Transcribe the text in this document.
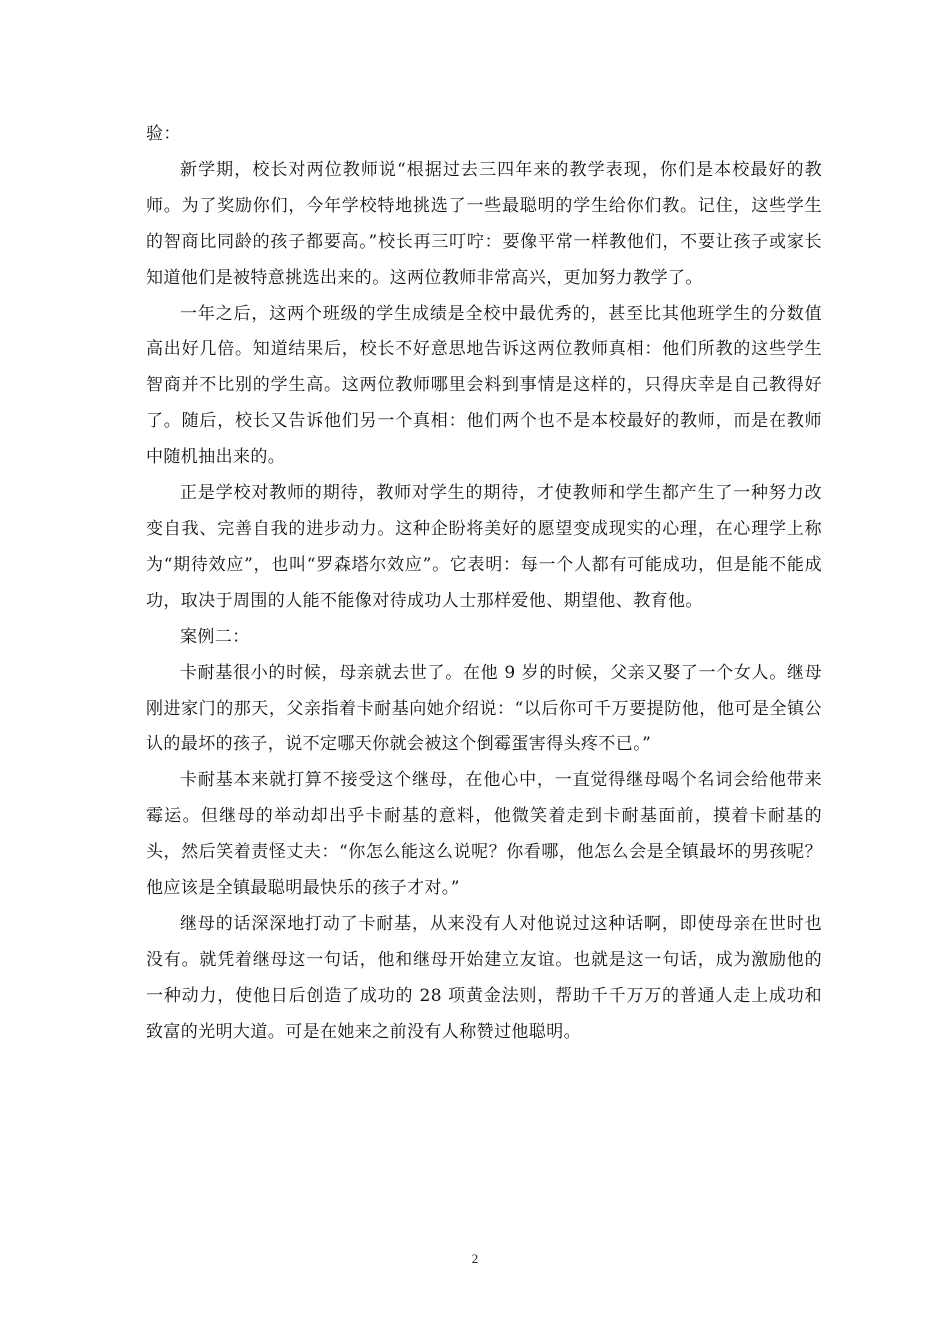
验：

新学期，校长对两位教师说“根据过去三四年来的教学表现，你们是本校最好的教师。为了奖励你们，今年学校特地挑选了一些最聪明的学生给你们教。记住，这些学生的智商比同龄的孩子都要高。”校长再三叮咛：要像平常一样教他们，不要让孩子或家长知道他们是被特意挑选出来的。这两位教师非常高兴，更加努力教学了。

一年之后，这两个班级的学生成绩是全校中最优秀的，甚至比其他班学生的分数值高出好几倍。知道结果后，校长不好意思地告诉这两位教师真相：他们所教的这些学生智商并不比别的学生高。这两位教师哪里会料到事情是这样的，只得庆幸是自己教得好了。随后，校长又告诉他们另一个真相：他们两个也不是本校最好的教师，而是在教师中随机抽出来的。

正是学校对教师的期待，教师对学生的期待，才使教师和学生都产生了一种努力改变自我、完善自我的进步动力。这种企盼将美好的愿望变成现实的心理，在心理学上称为“期待效应”，也叫“罗森塔尔效应”。它表明：每一个人都有可能成功，但是能不能成功，取决于周围的人能不能像对待成功人士那样爱他、期望他、教育他。

案例二：

卡耐基很小的时候，母亲就去世了。在他 9 岁的时候，父亲又娶了一个女人。继母刚进家门的那天，父亲指着卡耐基向她介绍说：“以后你可千万要提防他，他可是全镇公认的最坏的孩子，说不定哪天你就会被这个倒霉蛋害得头疼不已。”

卡耐基本来就打算不接受这个继母，在他心中，一直觉得继母喝个名词会给他带来霉运。但继母的举动却出乎卡耐基的意料，他微笑着走到卡耐基面前，摸着卡耐基的头，然后笑着责怪丈夫：“你怎么能这么说呢？你看哪，他怎么会是全镇最坏的男孩呢？他应该是全镇最聪明最快乐的孩子才对。”

继母的话深深地打动了卡耐基，从来没有人对他说过这种话啊，即使母亲在世时也没有。就凭着继母这一句话，他和继母开始建立友谊。也就是这一句话，成为激励他的一种动力，使他日后创造了成功的 28 项黄金法则，帮助千千万万的普通人走上成功和致富的光明大道。可是在她来之前没有人称赞过他聪明。

2
